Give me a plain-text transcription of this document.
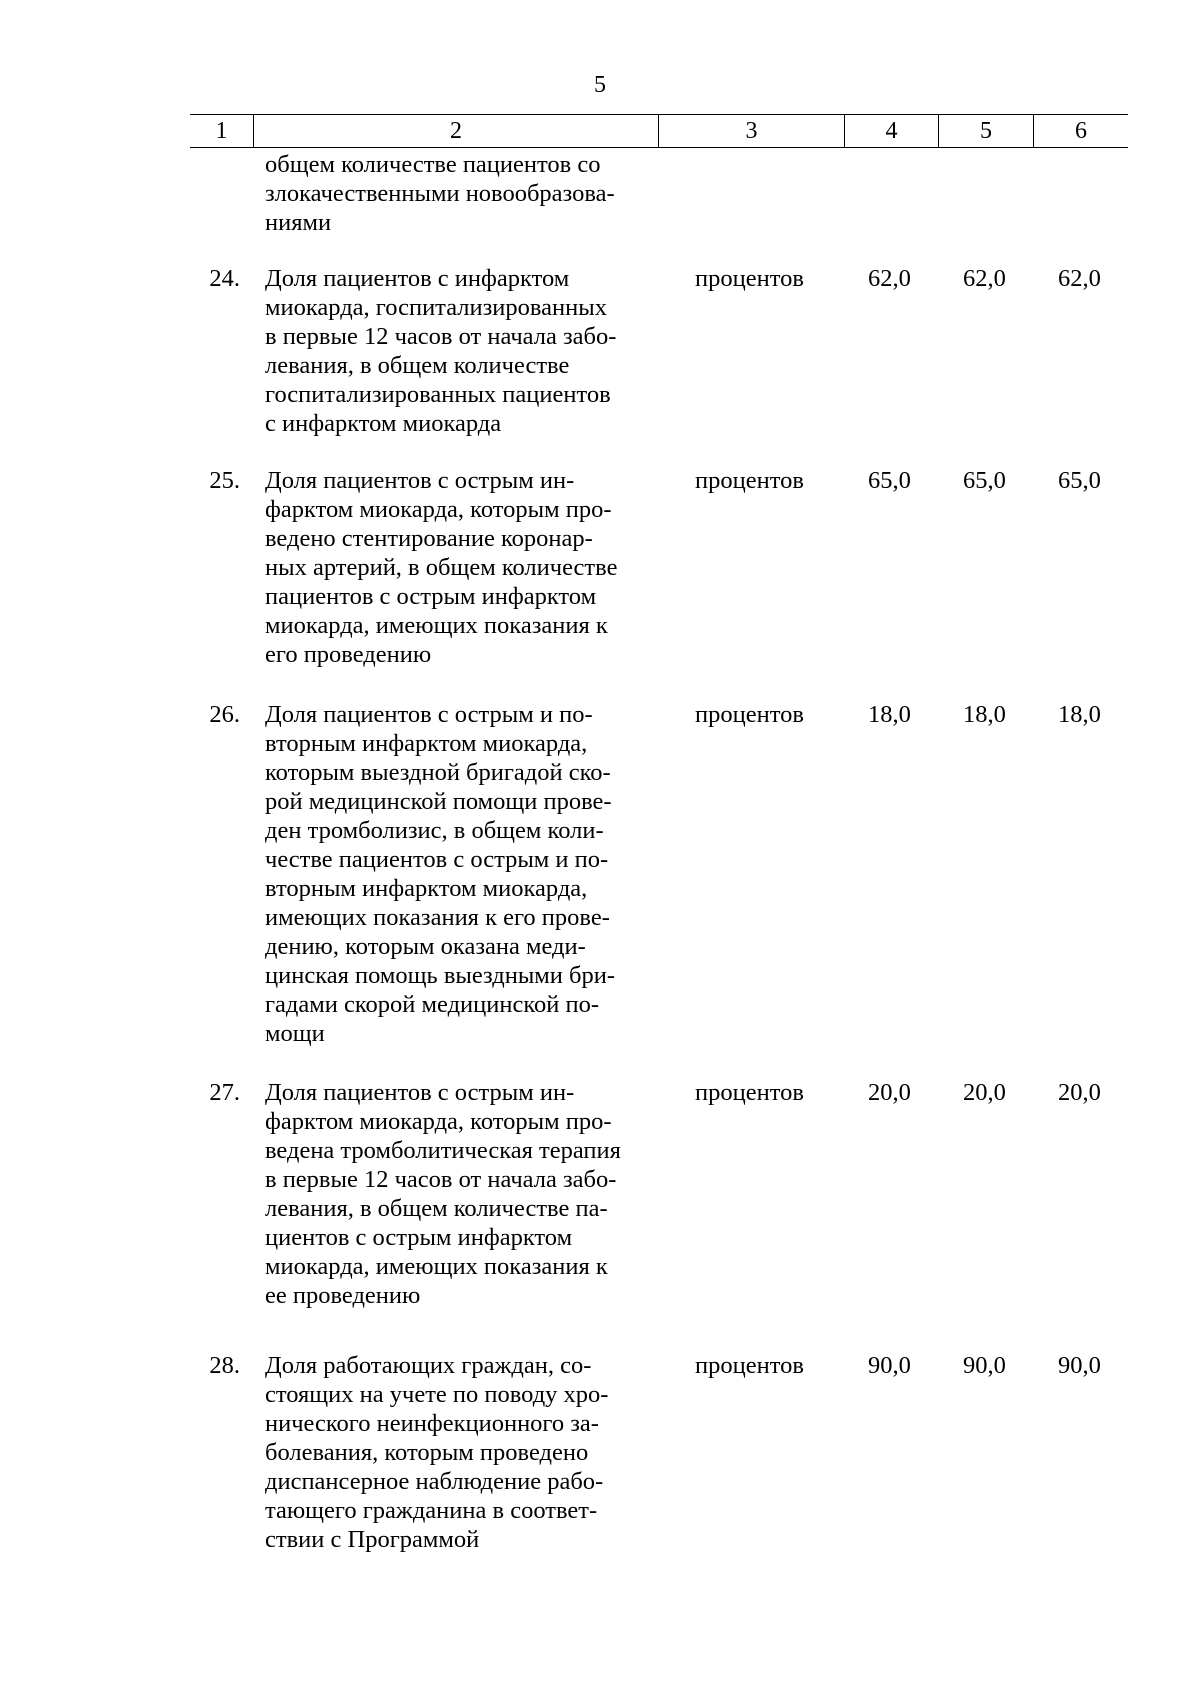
5
1	2	3	4	5	6
общем количестве пациентов со
злокачественными новообразова-
ниями
24. Доля пациентов с инфарктом
миокарда, госпитализированных
в первые 12 часов от начала забо-
левания, в общем количестве
госпитализированных пациентов
с инфарктом миокарда
процентов	62,0 62,0 62,0
25. Доля пациентов с острым ин-
фарктом миокарда, которым про-
ведено стентирование коронар-
ных артерий, в общем количестве
пациентов с острым инфарктом
миокарда, имеющих показания к
его проведению
процентов	65,0 65,0 65,0
26. Доля пациентов с острым и по-
вторным инфарктом миокарда,
которым выездной бригадой ско-
рой медицинской помощи прове-
ден тромболизис, в общем коли-
честве пациентов с острым и по-
вторным инфарктом миокарда,
имеющих показания к его прове-
дению, которым оказана меди-
цинская помощь выездными бри-
гадами скорой медицинской по-
мощи
процентов	18,0 18,0 18,0
27. Доля пациентов с острым ин-
фарктом миокарда, которым про-
ведена тромболитическая терапия
в первые 12 часов от начала забо-
левания, в общем количестве па-
циентов с острым инфарктом
миокарда, имеющих показания к
ее проведению
процентов	20,0 20,0 20,0
28. Доля работающих граждан, со-
стоящих на учете по поводу хро-
нического неинфекционного за-
болевания, которым проведено
диспансерное наблюдение рабо-
тающего гражданина в соответ-
ствии с Программой
процентов	90,0 90,0 90,0
